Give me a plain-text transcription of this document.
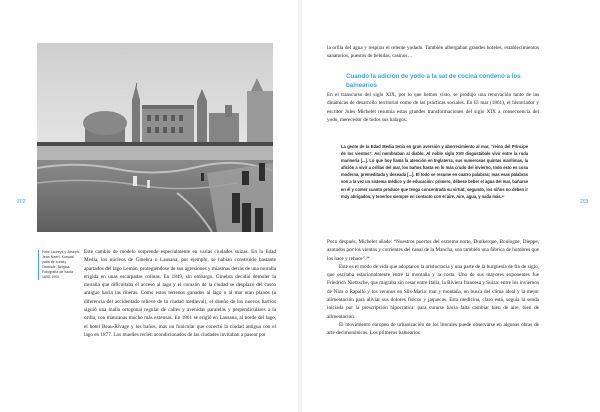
202
Felix Laureys y Joseph-Jean Naert. Kursaal (sala de curas). Ostende, Bélgica. Fotografía de hacia 1890-1900.

Este cambio de modelo sorprende especialmente en varias ciudades suizas. En la Edad Media, los núcleos de Ginebra o Lausana, por ejemplo, se habían construido bastante apartados del lago Lemán, protegiéndose de sus agresiones y miasmas detrás de una muralla erigida en unas escarpadas colinas. En 1849, sin embargo, Ginebra decidió demoler la muralla que dificultaba el acceso al lago y el corazón de la ciudad se desplazó del casco antiguo hacia las riberas. Como estos terrenos ganados al lago o al mar eran planos (a diferencia del accidentado relieve de la ciudad medieval), el diseño de los nuevos barrios siguió una malla ortogonal regular de calles y avenidas paralelas y perpendiculares a la orilla, con manzanas mucho más extensas. En 1861 se erigió en Lausana, al borde del lago, el hotel Beau-Rivage y los baños, más un funicular que conectó la ciudad antigua con el lago en 1877. Los muelles recién acondicionados de las ciudades invitaban a pasear por

203

la orilla del agua y respirar el relente yodado. También albergaban grandes hoteles, establecimientos sanatorios, puestos de bebidas, casinos…

Cuando la adición de yodo a la sal de cocina condenó a los balnearios

En el transcurso del siglo XIX, por lo que hemos visto, se produjo una renovación tanto de las dinámicas de desarrollo territorial como de las prácticas sociales. En El mar (1861), el historiador y escritor Jules Michelet resumía estas grandes transformaciones del siglo XIX a consecuencia del yodo, merecedor de todos sus halagos:

La gente de la Edad Media tenía en gran aversión y aborrecimiento al mar, “reino del Príncipe de los vientos”. Así nombraban al diablo. Al noble siglo XVII disgustábale vivir entre la ruda marinería [...]. Lo que hoy llama la atención en Inglaterra, sus numerosas quintas marítimas, la afición a vivir a orillas del mar, los baños hasta en lo más crudo del invierno, todo esto es cosa moderna, premeditada y deseada [...]. El todo se resume en cuatro palabras; mas esas palabras son a la vez un sistema médico y de educación: primero, débese beber el agua del mar, bañarse en él y comer cuanto produce que tenga concentrada su virtud; segundo, los niños no deben ir muy abrigados, y tenerlos siempre en contacto con el aire. Aire, agua, y nada más.³³

Poco después, Michelet añade: “Nuestros puertos del extremo norte, Dunkerque, Boulogne, Dieppe, azotados por los vientos y corrientes del canal de la Mancha, son también una fábrica de hombres que los hace y rehace”.³⁴

Este es el modo de vida que adoptaron la aristocracia y una parte de la burguesía de fin de siglo, que oscilaba estacionalmente entre la montaña y la costa. Uno de sus mayores exponentes fue Friedrich Nietzsche, que migraba sin cesar entre Italia, la Riviera francesa y Suiza: entre los inviernos de Niza o Rapallo y los veranos en Sils-Maria: mar y montaña, en busca del clima ideal y la mejor alimentación para aliviar sus dolores físicos y jaquecas. Esta medicina, claro está, seguía la senda iniciada por la prescripción hipocrática: para curarse hacía falta cambiar bien de aire, bien de alimentación.

El movimiento europeo de urbanización de los litorales puede observarse en algunas obras de arte decimonónicas. Los primeros balnearios
